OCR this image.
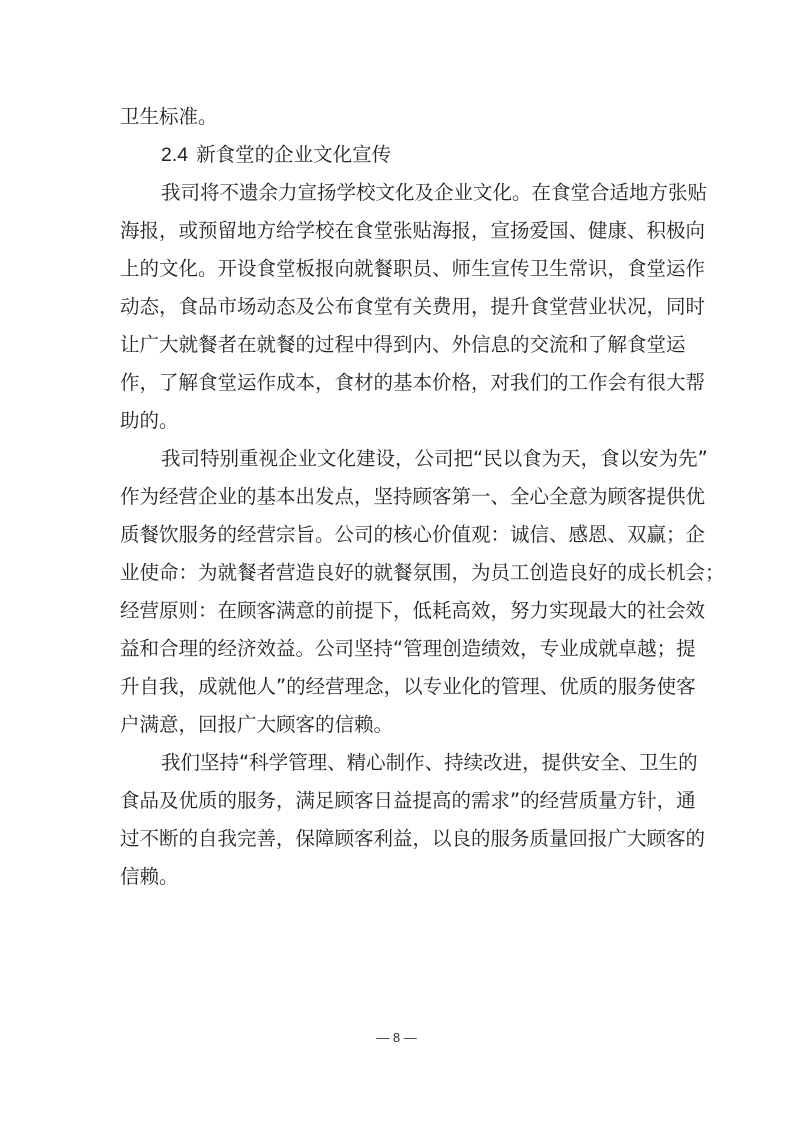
卫生标准。
2.4 新食堂的企业文化宣传
我司将不遗余力宣扬学校文化及企业文化。在食堂合适地方张贴
海报，或预留地方给学校在食堂张贴海报，宣扬爱国、健康、积极向
上的文化。开设食堂板报向就餐职员、师生宣传卫生常识，食堂运作
动态，食品市场动态及公布食堂有关费用，提升食堂营业状况，同时
让广大就餐者在就餐的过程中得到内、外信息的交流和了解食堂运
作，了解食堂运作成本，食材的基本价格，对我们的工作会有很大帮
助的。
我司特别重视企业文化建设，公司把“民以食为天，食以安为先”
作为经营企业的基本出发点，坚持顾客第一、全心全意为顾客提供优
质餐饮服务的经营宗旨。公司的核心价值观：诚信、感恩、双赢；企
业使命：为就餐者营造良好的就餐氛围，为员工创造良好的成长机会；
经营原则：在顾客满意的前提下，低耗高效，努力实现最大的社会效
益和合理的经济效益。公司坚持“管理创造绩效，专业成就卓越；提
升自我，成就他人”的经营理念，以专业化的管理、优质的服务使客
户满意，回报广大顾客的信赖。
我们坚持“科学管理、精心制作、持续改进，提供安全、卫生的
食品及优质的服务，满足顾客日益提高的需求”的经营质量方针，通
过不断的自我完善，保障顾客利益，以良的服务质量回报广大顾客的
信赖。
— 8 —
